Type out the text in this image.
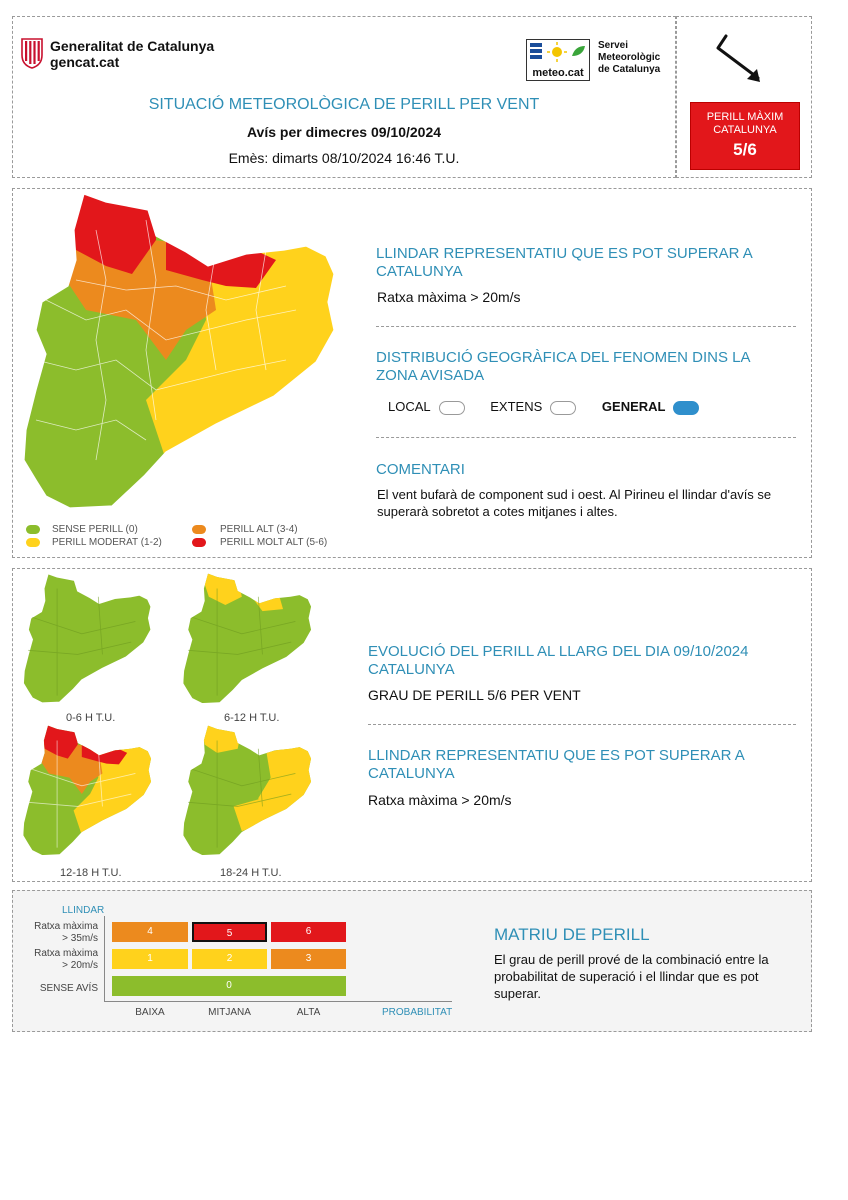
Generalitat de Catalunya
gencat.cat
meteo.cat
Servei
Meteorològic
de Catalunya
SITUACIÓ METEOROLÒGICA DE PERILL PER VENT
Avís per dimecres 09/10/2024
Emès: dimarts 08/10/2024 16:46 T.U.
PERILL MÀXIM
CATALUNYA
5/6
SENSE PERILL (0)
PERILL MODERAT (1-2)
PERILL ALT (3-4)
PERILL MOLT ALT (5-6)
LLINDAR REPRESENTATIU QUE ES POT SUPERAR A CATALUNYA
Ratxa màxima > 20m/s
DISTRIBUCIÓ GEOGRÀFICA DEL FENOMEN DINS LA ZONA AVISADA
LOCAL	EXTENS	GENERAL
COMENTARI
El vent bufarà de component sud i oest. Al Pirineu el llindar d'avís se superarà sobretot a cotes mitjanes i altes.
0-6 H T.U.	6-12 H T.U.
12-18 H T.U.	18-24 H T.U.
EVOLUCIÓ DEL PERILL AL LLARG DEL DIA 09/10/2024 CATALUNYA
GRAU DE PERILL 5/6 PER VENT
LLINDAR REPRESENTATIU QUE ES POT SUPERAR A CATALUNYA
Ratxa màxima > 20m/s
LLINDAR
Ratxa màxima
> 35m/s
Ratxa màxima
> 20m/s
SENSE AVÍS
4	5	6
1	2	3
0
BAIXA	MITJANA	ALTA	PROBABILITAT
MATRIU DE PERILL
El grau de perill prové de la combinació entre la probabilitat de superació i el llindar que es pot superar.
